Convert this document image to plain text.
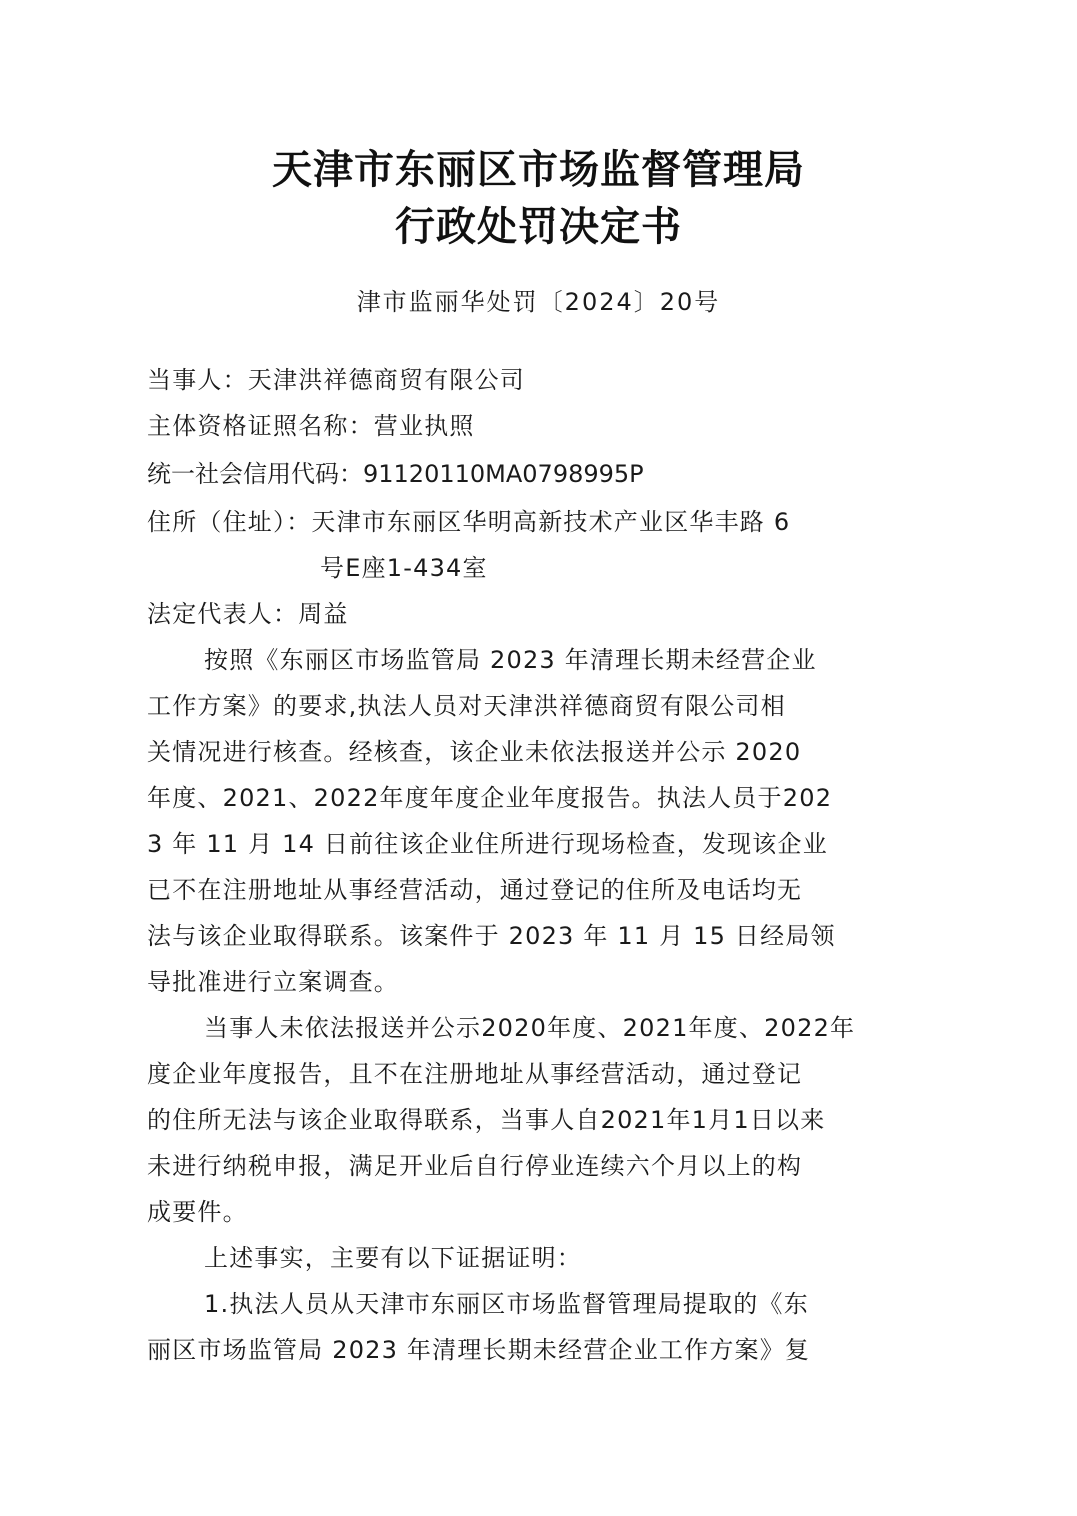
天津市东丽区市场监督管理局
行政处罚决定书
津市监丽华处罚〔2024〕20号
当事人：天津洪祥德商贸有限公司
主体资格证照名称：营业执照
统一社会信用代码：91120110MA0798995P
住所（住址）：天津市东丽区华明高新技术产业区华丰路 6
号E座1-434室
法定代表人：周益
按照《东丽区市场监管局 2023 年清理长期未经营企业
工作方案》的要求,执法人员对天津洪祥德商贸有限公司相
关情况进行核查。经核查，该企业未依法报送并公示 2020
年度、2021、2022年度年度企业年度报告。执法人员于202
3 年 11 月 14 日前往该企业住所进行现场检查，发现该企业
已不在注册地址从事经营活动，通过登记的住所及电话均无
法与该企业取得联系。该案件于 2023 年 11 月 15 日经局领
导批准进行立案调查。
当事人未依法报送并公示2020年度、2021年度、2022年
度企业年度报告，且不在注册地址从事经营活动，通过登记
的住所无法与该企业取得联系，当事人自2021年1月1日以来
未进行纳税申报，满足开业后自行停业连续六个月以上的构
成要件。
上述事实，主要有以下证据证明：
1.执法人员从天津市东丽区市场监督管理局提取的《东
丽区市场监管局 2023 年清理长期未经营企业工作方案》复
